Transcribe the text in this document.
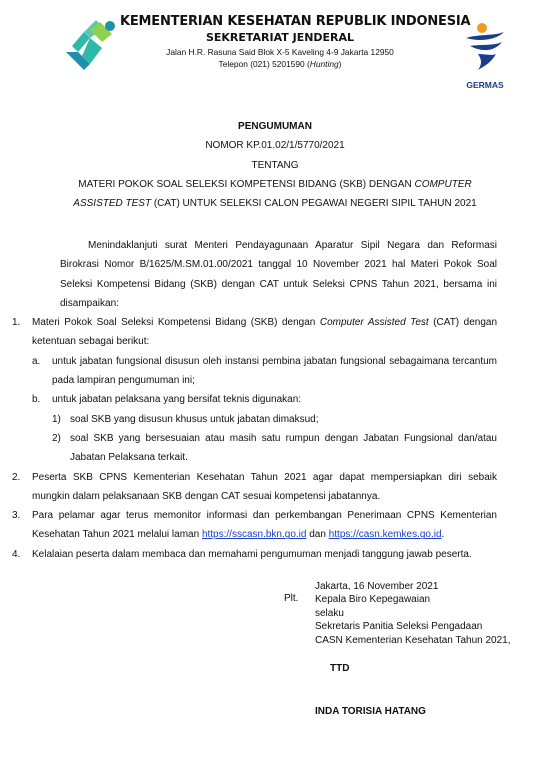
KEMENTERIAN KESEHATAN REPUBLIK INDONESIA
SEKRETARIAT JENDERAL
Jalan H.R. Rasuna Said Blok X-5 Kaveling 4-9 Jakarta 12950
Telepon (021) 5201590 (Hunting)
GERMAS
PENGUMUMAN
NOMOR KP.01.02/1/5770/2021
TENTANG
MATERI POKOK SOAL SELEKSI KOMPETENSI BIDANG (SKB) DENGAN COMPUTER
ASSISTED TEST (CAT) UNTUK SELEKSI CALON PEGAWAI NEGERI SIPIL TAHUN 2021

Menindaklanjuti surat Menteri Pendayagunaan Aparatur Sipil Negara dan Reformasi Birokrasi Nomor B/1625/M.SM.01.00/2021 tanggal 10 November 2021 hal Materi Pokok Soal Seleksi Kompetensi Bidang (SKB) dengan CAT untuk Seleksi CPNS Tahun 2021, bersama ini disampaikan:

1. Materi Pokok Soal Seleksi Kompetensi Bidang (SKB) dengan Computer Assisted Test (CAT) dengan ketentuan sebagai berikut:
a. untuk jabatan fungsional disusun oleh instansi pembina jabatan fungsional sebagaimana tercantum pada lampiran pengumuman ini;
b. untuk jabatan pelaksana yang bersifat teknis digunakan:
1) soal SKB yang disusun khusus untuk jabatan dimaksud;
2) soal SKB yang bersesuaian atau masih satu rumpun dengan Jabatan Fungsional dan/atau Jabatan Pelaksana terkait.
2. Peserta SKB CPNS Kementerian Kesehatan Tahun 2021 agar dapat mempersiapkan diri sebaik mungkin dalam pelaksanaan SKB dengan CAT sesuai kompetensi jabatannya.
3. Para pelamar agar terus memonitor informasi dan perkembangan Penerimaan CPNS Kementerian Kesehatan Tahun 2021 melalui laman https://sscasn.bkn.go.id dan https://casn.kemkes.go.id.
4. Kelalaian peserta dalam membaca dan memahami pengumuman menjadi tanggung jawab peserta.
Jakarta, 16 November 2021
Plt. Kepala Biro Kepegawaian
selaku
Sekretaris Panitia Seleksi Pengadaan
CASN Kementerian Kesehatan Tahun 2021,
TTD
INDA TORISIA HATANG
